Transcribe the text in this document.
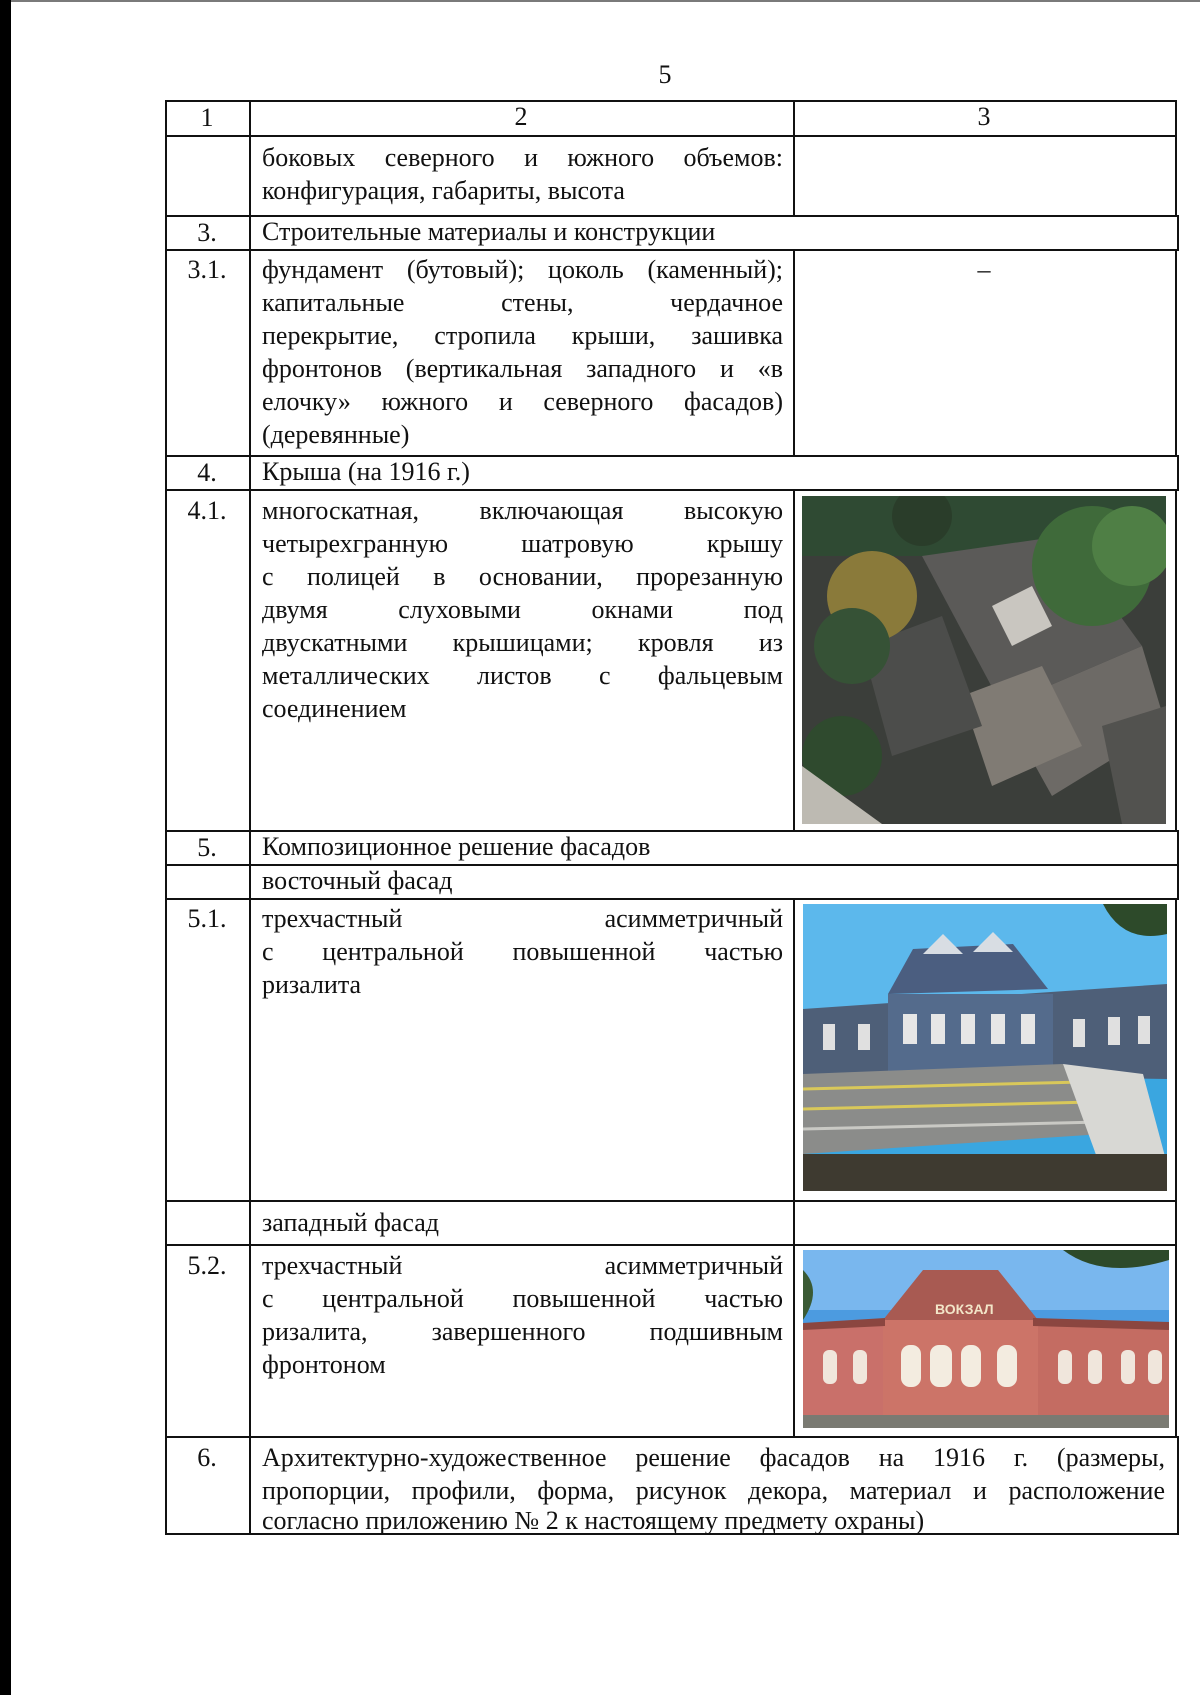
5
1	2	3
боковых северного и южного объемов:
конфигурация, габариты, высота
3.	Строительные материалы и конструкции
3.1.	фундамент (бутовый); цоколь (каменный);
капитальные стены, чердачное
перекрытие, стропила крыши, зашивка
фронтонов (вертикальная западного и «в
елочку» южного и северного фасадов)
(деревянные)
–
4.	Крыша (на 1916 г.)
4.1.	многоскатная, включающая высокую
четырехгранную шатровую крышу
с полицей в основании, прорезанную
двумя слуховыми окнами под
двускатными крышицами; кровля из
металлических листов с фальцевым
соединением
5.	Композиционное решение фасадов
восточный фасад
5.1.	трехчастный асимметричный
с центральной повышенной частью
ризалита
западный фасад
5.2.	трехчастный асимметричный
с центральной повышенной частью
ризалита, завершенного подшивным
фронтоном
ВОКЗАЛ
6.	Архитектурно-художественное решение фасадов на 1916 г. (размеры,
пропорции, профили, форма, рисунок декора, материал и расположение
согласно приложению № 2 к настоящему предмету охраны)
